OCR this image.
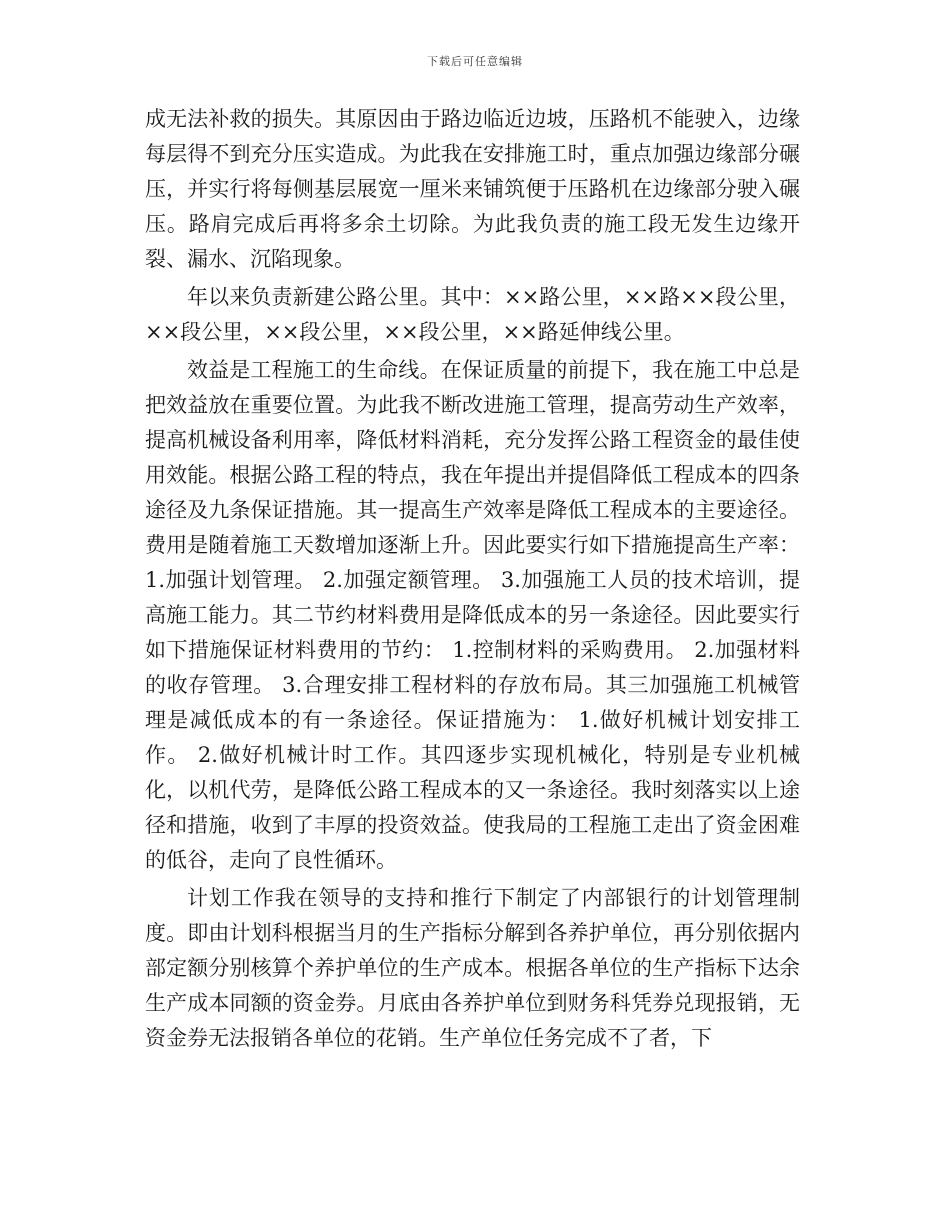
下载后可任意编辑

成无法补救的损失。其原因由于路边临近边坡，压路机不能驶入，边缘每层得不到充分压实造成。为此我在安排施工时，重点加强边缘部分碾压，并实行将每侧基层展宽一厘米来铺筑便于压路机在边缘部分驶入碾压。路肩完成后再将多余土切除。为此我负责的施工段无发生边缘开裂、漏水、沉陷现象。

年以来负责新建公路公里。其中：××路公里，××路××段公里，××段公里，××段公里，××段公里，××路延伸线公里。

效益是工程施工的生命线。在保证质量的前提下，我在施工中总是把效益放在重要位置。为此我不断改进施工管理，提高劳动生产效率，提高机械设备利用率，降低材料消耗，充分发挥公路工程资金的最佳使用效能。根据公路工程的特点，我在年提出并提倡降低工程成本的四条途径及九条保证措施。其一提高生产效率是降低工程成本的主要途径。费用是随着施工天数增加逐渐上升。因此要实行如下措施提高生产率： 1.加强计划管理。 2.加强定额管理。 3.加强施工人员的技术培训，提高施工能力。其二节约材料费用是降低成本的另一条途径。因此要实行如下措施保证材料费用的节约： 1.控制材料的采购费用。 2.加强材料的收存管理。 3.合理安排工程材料的存放布局。其三加强施工机械管理是减低成本的有一条途径。保证措施为： 1.做好机械计划安排工作。 2.做好机械计时工作。其四逐步实现机械化，特别是专业机械化，以机代劳，是降低公路工程成本的又一条途径。我时刻落实以上途径和措施，收到了丰厚的投资效益。使我局的工程施工走出了资金困难的低谷，走向了良性循环。

计划工作我在领导的支持和推行下制定了内部银行的计划管理制度。即由计划科根据当月的生产指标分解到各养护单位，再分别依据内部定额分别核算个养护单位的生产成本。根据各单位的生产指标下达余生产成本同额的资金券。月底由各养护单位到财务科凭券兑现报销，无资金券无法报销各单位的花销。生产单位任务完成不了者，下
